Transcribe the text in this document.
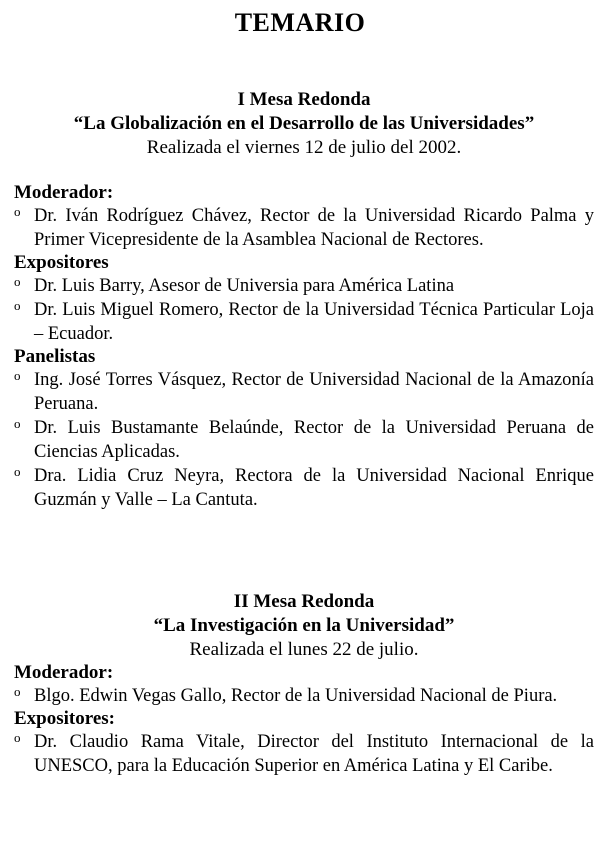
TEMARIO
I Mesa Redonda
“La Globalización en el Desarrollo de las Universidades”
Realizada el viernes 12 de julio del 2002.
Moderador:
o Dr. Iván Rodríguez Chávez, Rector de la Universidad Ricardo Palma y Primer Vicepresidente de la Asamblea Nacional de Rectores.
Expositores
o Dr. Luis Barry, Asesor de Universia para América Latina
o Dr. Luis Miguel Romero, Rector de la Universidad Técnica Particular Loja – Ecuador.
Panelistas
o Ing. José Torres Vásquez, Rector de Universidad Nacional de la Amazonía Peruana.
o Dr. Luis Bustamante Belaúnde, Rector de la Universidad Peruana de Ciencias Aplicadas.
o Dra. Lidia Cruz Neyra, Rectora de la Universidad Nacional Enrique Guzmán y Valle – La Cantuta.
II Mesa Redonda
“La Investigación en la Universidad”
Realizada el lunes 22 de julio.
Moderador:
o Blgo. Edwin Vegas Gallo, Rector de la Universidad Nacional de Piura.
Expositores:
o Dr. Claudio Rama Vitale, Director del Instituto Internacional de la UNESCO, para la Educación Superior en América Latina y El Caribe.
